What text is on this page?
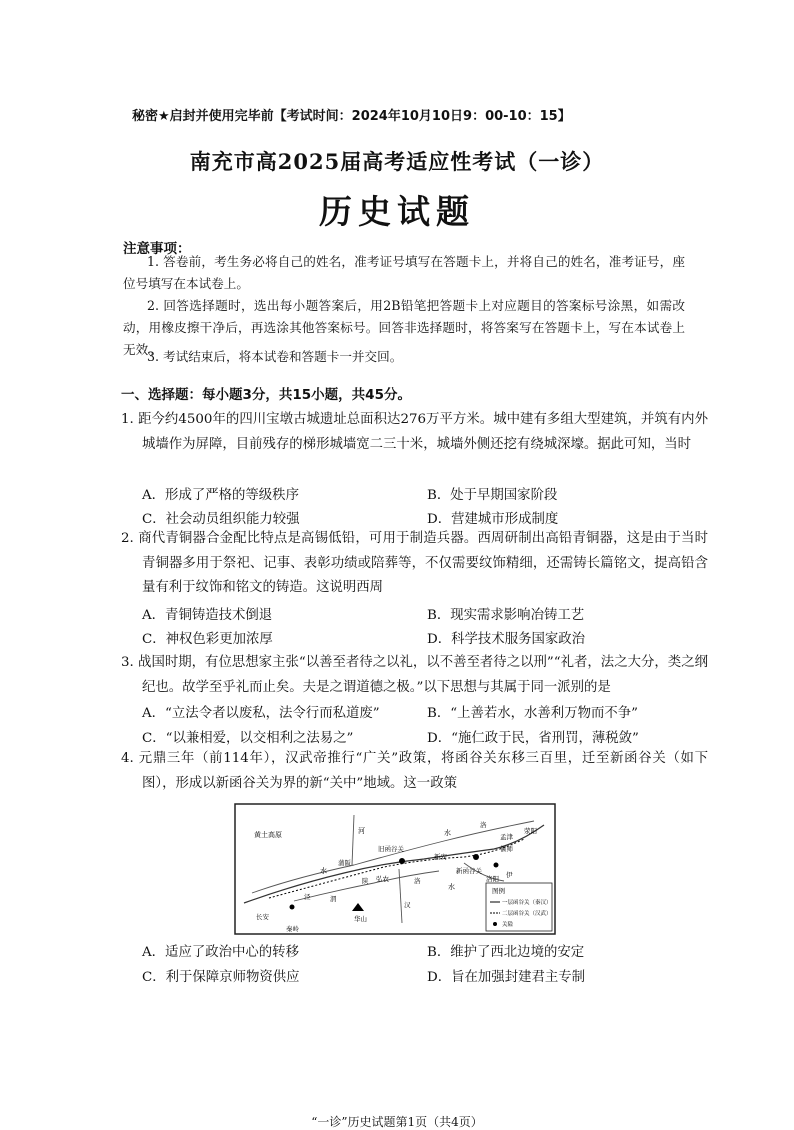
秘密★启封并使用完毕前【考试时间：2024年10月10日9：00-10：15】
南充市高2025届高考适应性考试（一诊）
历史试题
注意事项：
1. 答卷前，考生务必将自己的姓名，准考证号填写在答题卡上，并将自己的姓名，准考证号，座位号填写在本试卷上。
2. 回答选择题时，选出每小题答案后，用2B铅笔把答题卡上对应题目的答案标号涂黑，如需改动，用橡皮擦干净后，再选涂其他答案标号。回答非选择题时，将答案写在答题卡上，写在本试卷上无效。
3. 考试结束后，将本试卷和答题卡一并交回。
一、选择题：每小题3分，共15小题，共45分。
1. 距今约4500年的四川宝墩古城遗址总面积达276万平方米。城中建有多组大型建筑，并筑有内外城墙作为屏障，目前残存的梯形城墙宽二三十米，城墙外侧还挖有绕城深壕。据此可知，当时
A．形成了严格的等级秩序	B．处于早期国家阶段
C．社会动员组织能力较强	D．营建城市形成制度
2. 商代青铜器合金配比特点是高锡低铅，可用于制造兵器。西周研制出高铅青铜器，这是由于当时青铜器多用于祭祀、记事、表彰功绩或陪葬等，不仅需要纹饰精细，还需铸长篇铭文，提高铅含量有利于纹饰和铭文的铸造。这说明西周
A．青铜铸造技术倒退	B．现实需求影响冶铸工艺
C．神权色彩更加浓厚	D．科学技术服务国家政治
3. 战国时期，有位思想家主张“以善至者待之以礼，以不善至者待之以刑”“礼者，法之大分，类之纲纪也。故学至乎礼而止矣。夫是之谓道德之极。”以下思想与其属于同一派别的是
A．“立法令者以废私，法令行而私道废”	B．“上善若水，水善利万物而不争”
C．“以兼相爱，以交相利之法易之”	D．“施仁政于民，省刑罚，薄税敛”
4. 元鼎三年（前114年），汉武帝推行“广关”政策，将函谷关东移三百里，迁至新函谷关（如下图），形成以新函谷关为界的新“关中”地域。这一政策
黄土高原	河	水
水
水
旧函谷关
新函谷关
新安
洛阳
长安
秦岭
华山
弘农
陕
蒲阪
泾	渭
洛
汉
伊
偃师
孟津
荥阳
洛
图例
一层函谷关（秦汉）
二层函谷关（汉武）
关隘
A．适应了政治中心的转移	B．维护了西北边境的安定
C．利于保障京师物资供应	D．旨在加强封建君主专制
“一诊”历史试题第1页（共4页）
